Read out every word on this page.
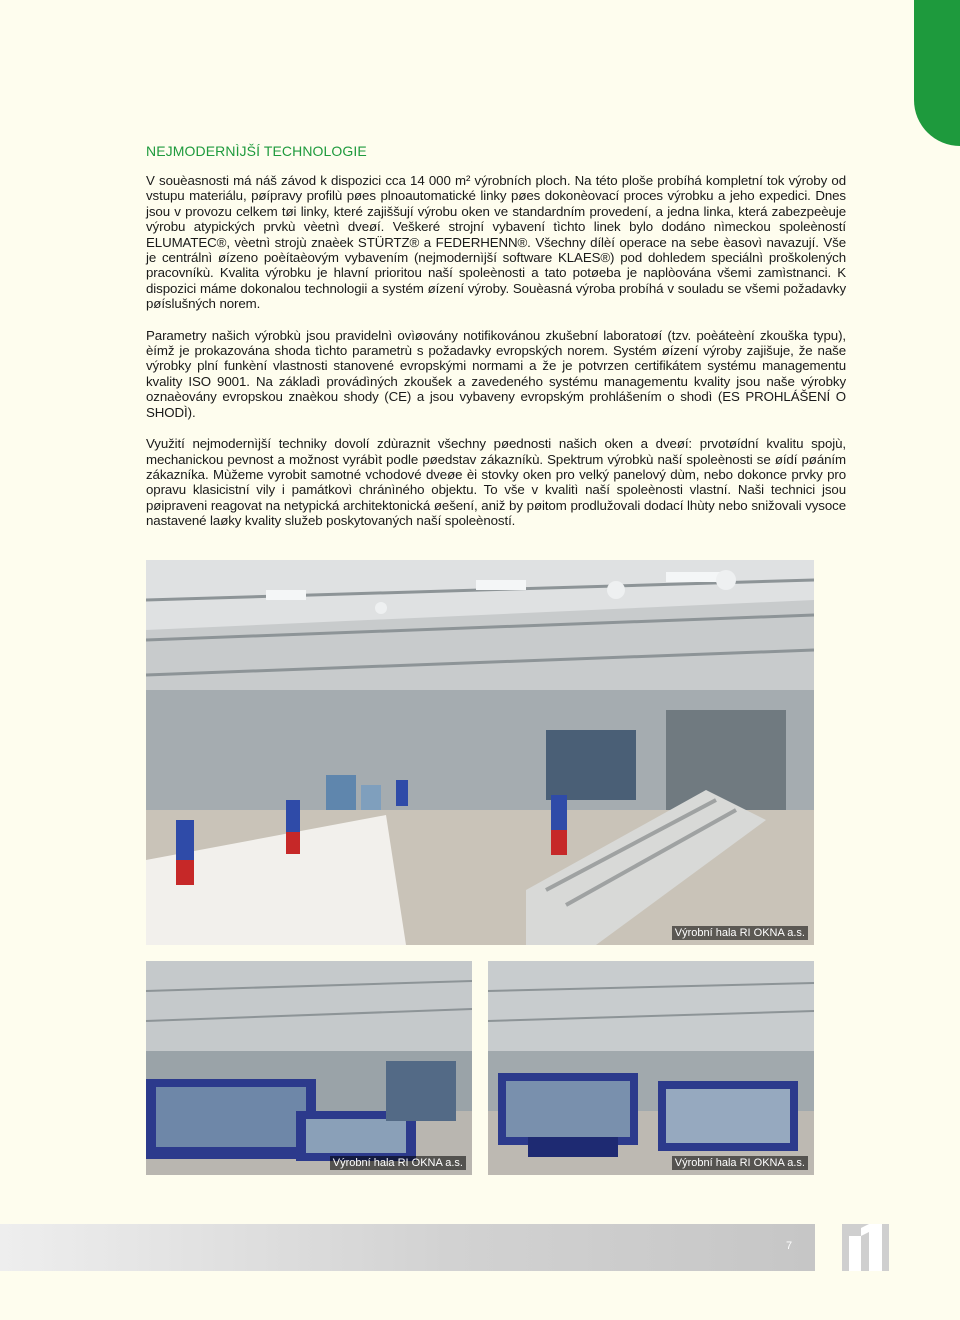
NEJMODERNÌJŠÍ TECHNOLOGIE

V souèasnosti má náš závod k dispozici cca 14 000 m² výrobních ploch. Na této ploše probíhá kompletní tok výroby od vstupu materiálu, pøípravy profilù pøes plnoautomatické linky pøes dokonèovací proces výrobku a jeho expedici. Dnes jsou v provozu celkem tøi linky, které zajiššují výrobu oken ve standardním provedení, a jedna linka, která zabezpeèuje výrobu atypických prvkù vèetnì dveøí. Veškeré strojní vybavení tìchto linek bylo dodáno nìmeckou spoleèností ELUMATEC®, vèetnì strojù znaèek STÜRTZ® a FEDERHENN®. Všechny dílèí operace na sebe èasovì navazují. Vše je centrálnì øízeno poèítaèovým vybavením (nejmodernìjší software KLAES®) pod dohledem speciálnì proškolených pracovníkù. Kvalita výrobku je hlavní prioritou naší spoleènosti a tato potøeba je naplòována všemi zamìstnanci. K dispozici máme dokonalou technologii a systém øízení výroby. Souèasná výroba probíhá v souladu se všemi požadavky pøíslušných norem.

Parametry našich výrobkù jsou pravidelnì ovìøovány notifikovánou zkušební laboratoøí (tzv. poèáteèní zkouška typu), èímž je prokazována shoda tìchto parametrù s požadavky evropských norem. Systém øízení výroby zajišuje, že naše výrobky plní funkèní vlastnosti stanovené evropskými normami a že je potvrzen certifikátem systému managementu kvality ISO 9001. Na základì provádìných zkoušek a zavedeného systému managementu kvality jsou naše výrobky oznaèovány evropskou znaèkou shody (CE) a jsou vybaveny evropským prohlášením o shodì (ES PROHLÁŠENÍ O SHODÌ).

Využití nejmodernìjší techniky dovolí zdùraznit všechny pøednosti našich oken a dveøí: prvotøídní kvalitu spojù, mechanickou pevnost a možnost vyrábìt podle pøedstav zákazníkù. Spektrum výrobkù naší spoleènosti se øídí pøáním zákazníka. Mùžeme vyrobit samotné vchodové dveøe èi stovky oken pro velký panelový dùm, nebo dokonce prvky pro opravu klasicistní vily i památkovì chránìného objektu. To vše v kvalitì naší spoleènosti vlastní. Naši technici jsou pøipraveni reagovat na netypická architektonická øešení, aniž by pøitom prodlužovali dodací lhùty nebo snižovali vysoce nastavené laøky kvality služeb poskytovaných naší spoleèností.

Výrobní hala RI OKNA a.s.
Výrobní hala RI OKNA a.s.	Výrobní hala RI OKNA a.s.
7
